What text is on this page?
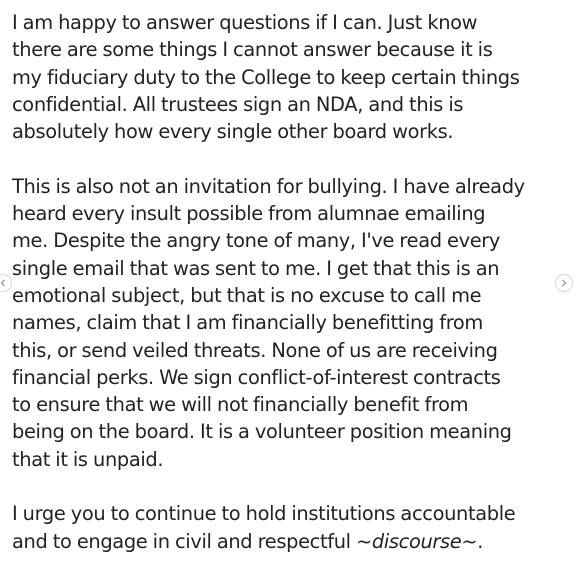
I am happy to answer questions if I can. Just know
there are some things I cannot answer because it is
my fiduciary duty to the College to keep certain things
confidential. All trustees sign an NDA, and this is
absolutely how every single other board works.

This is also not an invitation for bullying. I have already
heard every insult possible from alumnae emailing
me. Despite the angry tone of many, I've read every
single email that was sent to me. I get that this is an
emotional subject, but that is no excuse to call me
names, claim that I am financially benefitting from
this, or send veiled threats. None of us are receiving
financial perks. We sign conflict-of-interest contracts
to ensure that we will not financially benefit from
being on the board. It is a volunteer position meaning
that it is unpaid.

I urge you to continue to hold institutions accountable
and to engage in civil and respectful ~discourse~.
